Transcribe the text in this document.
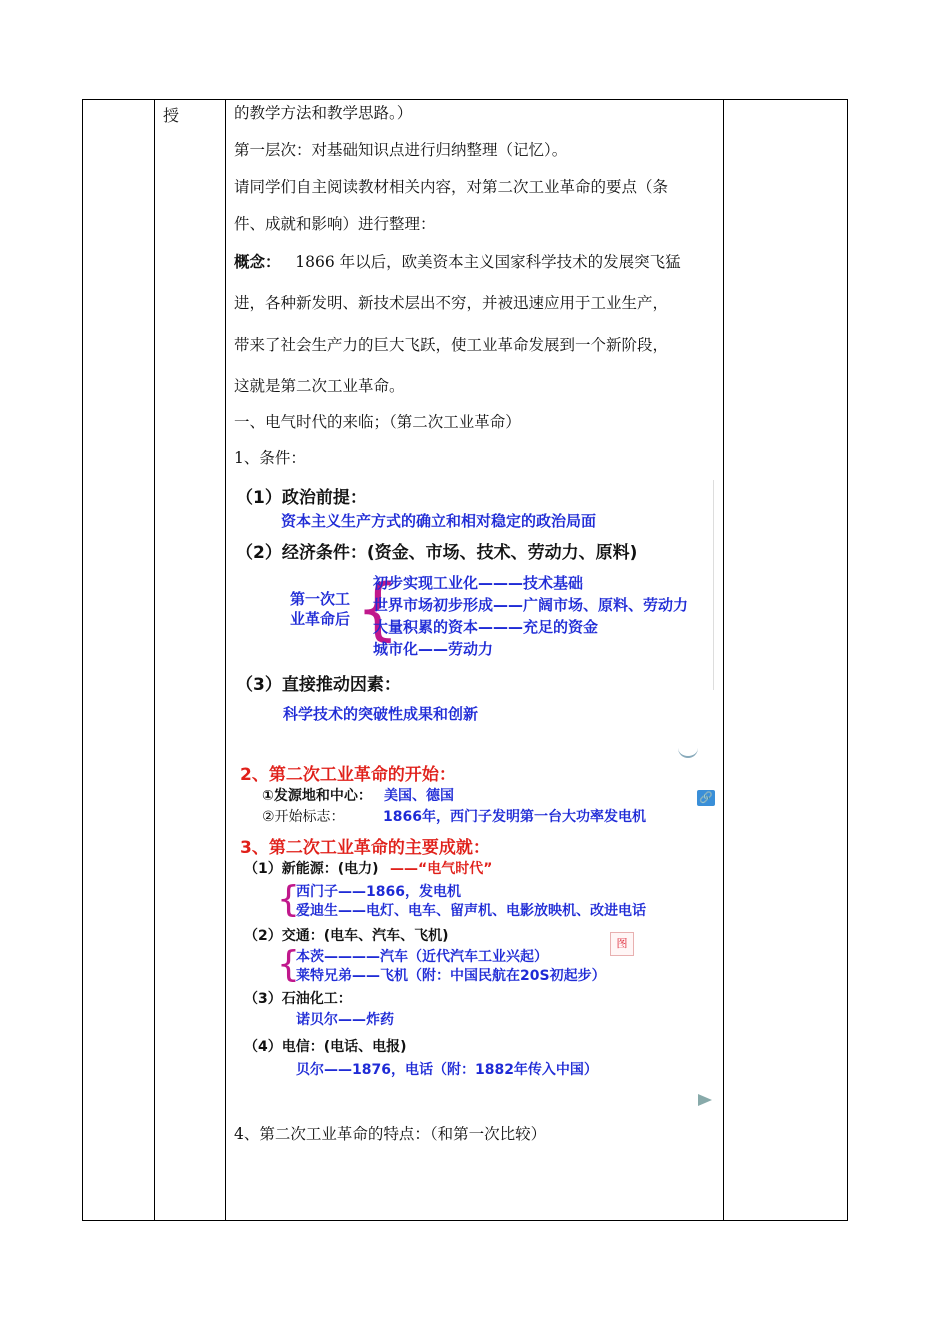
授	的教学方法和教学思路。）
第一层次：对基础知识点进行归纳整理（记忆）。
请同学们自主阅读教材相关内容，对第二次工业革命的要点（条
件、成就和影响）进行整理：
概念： 1866 年以后，欧美资本主义国家科学技术的发展突飞猛
进，各种新发明、新技术层出不穷，并被迅速应用于工业生产，
带来了社会生产力的巨大飞跃，使工业革命发展到一个新阶段，
这就是第二次工业革命。
一、电气时代的来临；（第二次工业革命）
1、条件：
（1）政治前提：
资本主义生产方式的确立和相对稳定的政治局面
（2）经济条件：(资金、市场、技术、劳动力、原料)
第一次工
业革命后 {
初步实现工业化———技术基础
世界市场初步形成——广阔市场、原料、劳动力
大量积累的资本———充足的资金
城市化——劳动力
（3）直接推动因素：
科学技术的突破性成果和创新
2、第二次工业革命的开始：
①发源地和中心： 美国、德国
②开始标志：	1866年，西门子发明第一台大功率发电机
🔗
3、第二次工业革命的主要成就：
（1）新能源：(电力) ——“电气时代”
{
西门子——1866，发电机
爱迪生——电灯、电车、留声机、电影放映机、改进电话
（2）交通：(电车、汽车、飞机)
{
本茨————汽车（近代汽车工业兴起）
莱特兄弟——飞机（附：中国民航在20S初起步）
图
（3）石油化工：
诺贝尔——炸药
（4）电信：(电话、电报)
贝尔——1876，电话（附：1882年传入中国）
4、第二次工业革命的特点：（和第一次比较）
